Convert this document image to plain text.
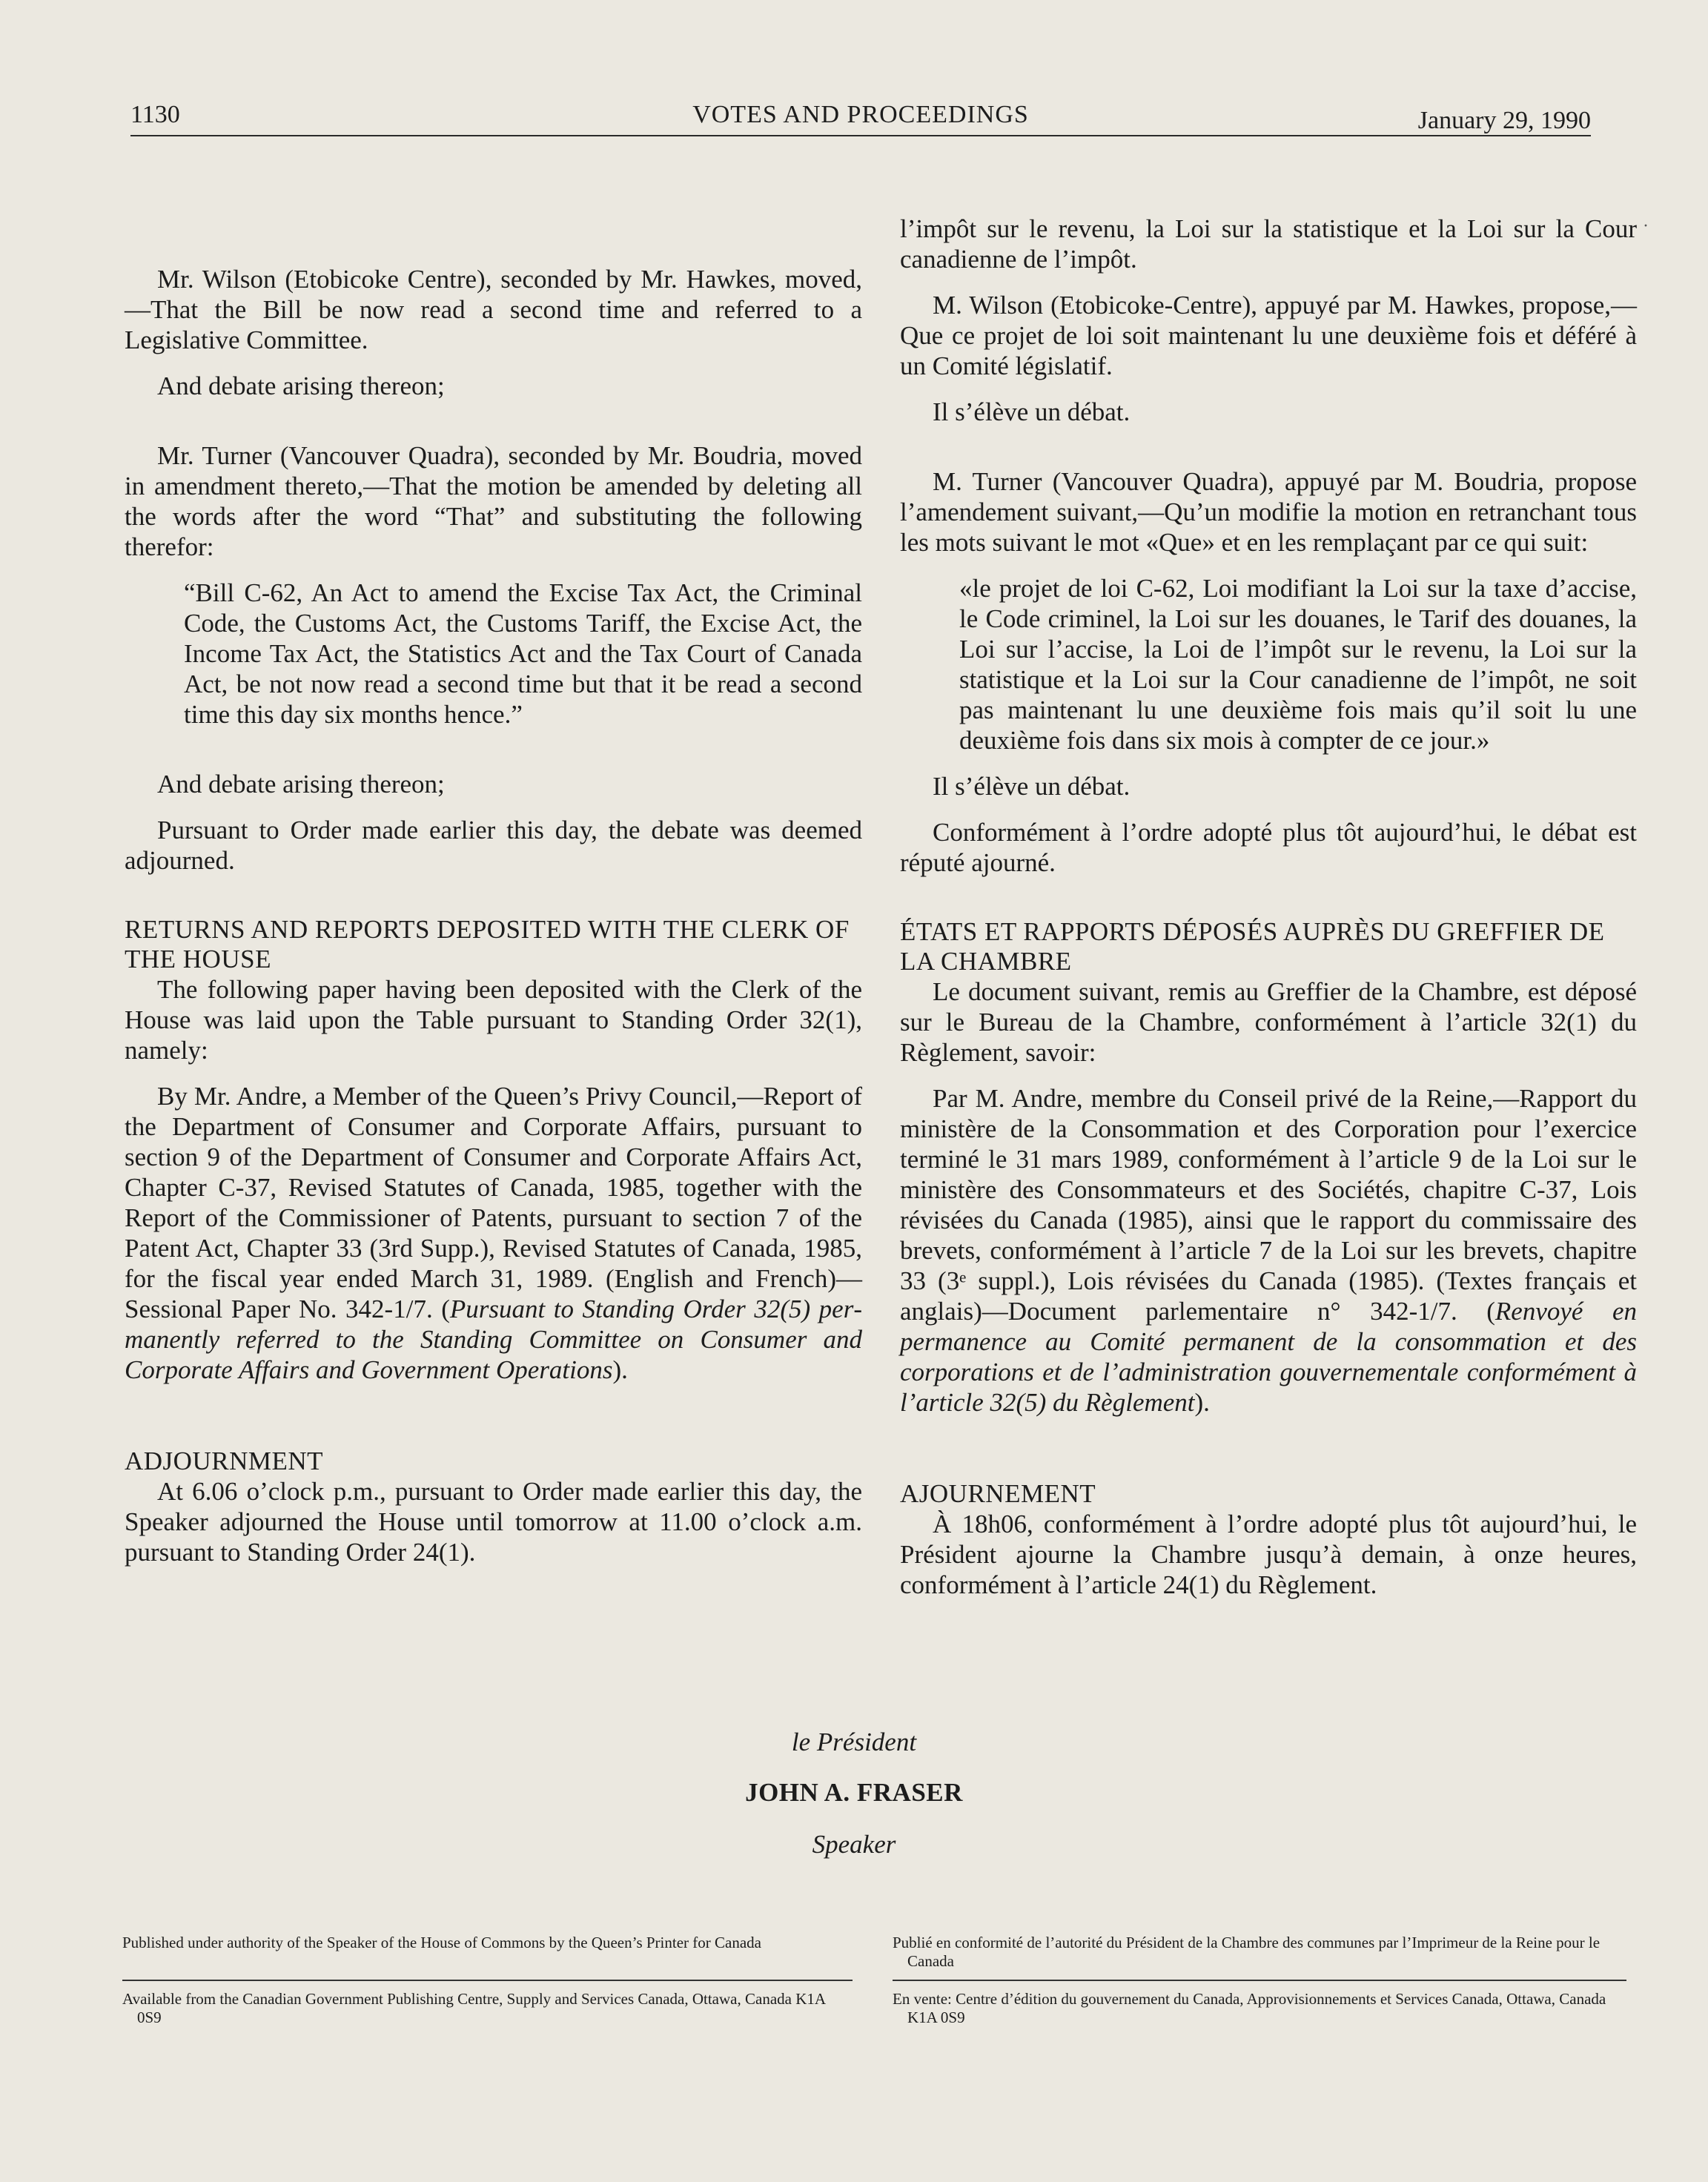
1130	VOTES AND PROCEEDINGS	January 29, 1990
·

Mr. Wilson (Etobicoke Centre), seconded by Mr. Hawkes, moved,—That the Bill be now read a second time and referred to a Legislative Committee.

And debate arising thereon;

Mr. Turner (Vancouver Quadra), seconded by Mr. Boudria, moved in amendment thereto,—That the motion be amended by deleting all the words after the word “That” and substituting the following therefor:

“Bill C-62, An Act to amend the Excise Tax Act, the Criminal Code, the Customs Act, the Customs Tariff, the Excise Act, the Income Tax Act, the Statistics Act and the Tax Court of Canada Act, be not now read a second time but that it be read a second time this day six months hence.”

And debate arising thereon;

Pursuant to Order made earlier this day, the debate was deemed adjourned.

RETURNS AND REPORTS DEPOSITED WITH THE CLERK OF THE HOUSE

The following paper having been deposited with the Clerk of the House was laid upon the Table pursuant to Standing Order 32(1), namely:

By Mr. Andre, a Member of the Queen’s Privy Council,—Report of the Department of Consumer and Corporate Affairs, pursuant to section 9 of the Department of Consumer and Corporate Affairs Act, Chapter C-37, Revised Statutes of Canada, 1985, together with the Report of the Commissioner of Patents, pursuant to section 7 of the Patent Act, Chapter 33 (3rd Supp.), Revised Statutes of Canada, 1985, for the fiscal year ended March 31, 1989. (English and French)—Sessional Paper No. 342-1/7. (Pursuant to Standing Order 32(5) permanently referred to the Standing Committee on Consumer and Corporate Affairs and Government Operations).

ADJOURNMENT

At 6.06 o’clock p.m., pursuant to Order made earlier this day, the Speaker adjourned the House until tomorrow at 11.00 o’clock a.m. pursuant to Standing Order 24(1).

l’impôt sur le revenu, la Loi sur la statistique et la Loi sur la Cour canadienne de l’impôt.

M. Wilson (Etobicoke-Centre), appuyé par M. Hawkes, propose,—Que ce projet de loi soit maintenant lu une deuxième fois et déféré à un Comité législatif.

Il s’élève un débat.

M. Turner (Vancouver Quadra), appuyé par M. Boudria, propose l’amendement suivant,—Qu’un modifie la motion en retranchant tous les mots suivant le mot «Que» et en les remplaçant par ce qui suit:

«le projet de loi C-62, Loi modifiant la Loi sur la taxe d’accise, le Code criminel, la Loi sur les douanes, le Tarif des douanes, la Loi sur l’accise, la Loi de l’impôt sur le revenu, la Loi sur la statistique et la Loi sur la Cour canadienne de l’impôt, ne soit pas maintenant lu une deuxième fois mais qu’il soit lu une deuxième fois dans six mois à compter de ce jour.»

Il s’élève un débat.

Conformément à l’ordre adopté plus tôt aujourd’hui, le débat est réputé ajourné.

ÉTATS ET RAPPORTS DÉPOSÉS AUPRÈS DU GREFFIER DE LA CHAMBRE

Le document suivant, remis au Greffier de la Chambre, est déposé sur le Bureau de la Chambre, conformément à l’article 32(1) du Règlement, savoir:

Par M. Andre, membre du Conseil privé de la Reine,—Rapport du ministère de la Consommation et des Corporation pour l’exercice terminé le 31 mars 1989, conformément à l’article 9 de la Loi sur le ministère des Consommateurs et des Sociétés, chapitre C-37, Lois révisées du Canada (1985), ainsi que le rapport du commissaire des brevets, conformément à l’article 7 de la Loi sur les brevets, chapitre 33 (3ᵉ suppl.), Lois révisées du Canada (1985). (Textes français et anglais)—Document parlementaire n° 342-1/7. (Renvoyé en permanence au Comité permanent de la consommation et des corporations et de l’administration gouvernementale conformément à l’article 32(5) du Règlement).

AJOURNEMENT

À 18h06, conformément à l’ordre adopté plus tôt aujourd’hui, le Président ajourne la Chambre jusqu’à demain, à onze heures, conformément à l’article 24(1) du Règlement.

le Président
JOHN A. FRASER
Speaker
Published under authority of the Speaker of the House of Commons by the Queen’s Printer for Canada
Available from the Canadian Government Publishing Centre, Supply and Services Canada, Ottawa, Canada K1A 0S9
Publié en conformité de l’autorité du Président de la Chambre des communes par l’Imprimeur de la Reine pour le Canada
En vente: Centre d’édition du gouvernement du Canada, Approvisionnements et Services Canada, Ottawa, Canada K1A 0S9
